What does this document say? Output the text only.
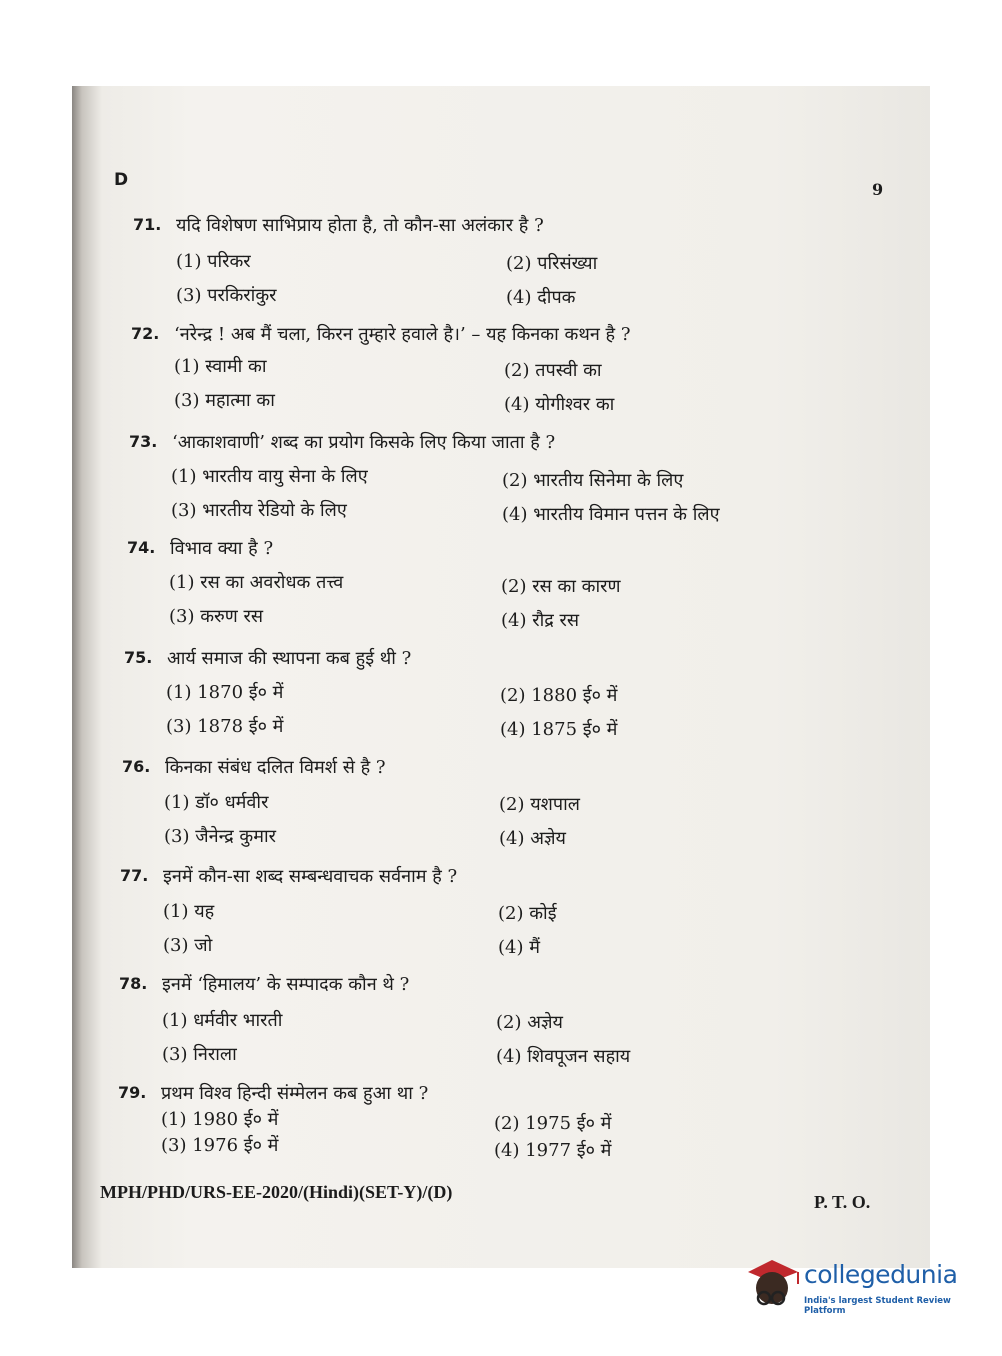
D	9
71. यदि विशेषण साभिप्राय होता है, तो कौन-सा अलंकार है ?
(1) परिकर	(2) परिसंख्या
(3) परकिरांकुर	(4) दीपक
72. ‘नरेन्द्र ! अब मैं चला, किरन तुम्हारे हवाले है।’ – यह किनका कथन है ?
(1) स्वामी का	(2) तपस्वी का
(3) महात्मा का	(4) योगीश्वर का
73. ‘आकाशवाणी’ शब्द का प्रयोग किसके लिए किया जाता है ?
(1) भारतीय वायु सेना के लिए	(2) भारतीय सिनेमा के लिए
(3) भारतीय रेडियो के लिए	(4) भारतीय विमान पत्तन के लिए
74. विभाव क्या है ?
(1) रस का अवरोधक तत्त्व	(2) रस का कारण
(3) करुण रस	(4) रौद्र रस
75. आर्य समाज की स्थापना कब हुई थी ?
(1) 1870 ई० में	(2) 1880 ई० में
(3) 1878 ई० में	(4) 1875 ई० में
76. किनका संबंध दलित विमर्श से है ?
(1) डॉ० धर्मवीर	(2) यशपाल
(3) जैनेन्द्र कुमार	(4) अज्ञेय
77. इनमें कौन-सा शब्द सम्बन्धवाचक सर्वनाम है ?
(1) यह	(2) कोई
(3) जो	(4) मैं
78. इनमें ‘हिमालय’ के सम्पादक कौन थे ?
(1) धर्मवीर भारती	(2) अज्ञेय
(3) निराला	(4) शिवपूजन सहाय
79. प्रथम विश्व हिन्दी संम्मेलन कब हुआ था ?
(1) 1980 ई० में	(2) 1975 ई० में
(3) 1976 ई० में	(4) 1977 ई० में
MPH/PHD/URS-EE-2020/(Hindi)(SET-Y)/(D)	P. T. O.
collegedunia
India's largest Student Review Platform
